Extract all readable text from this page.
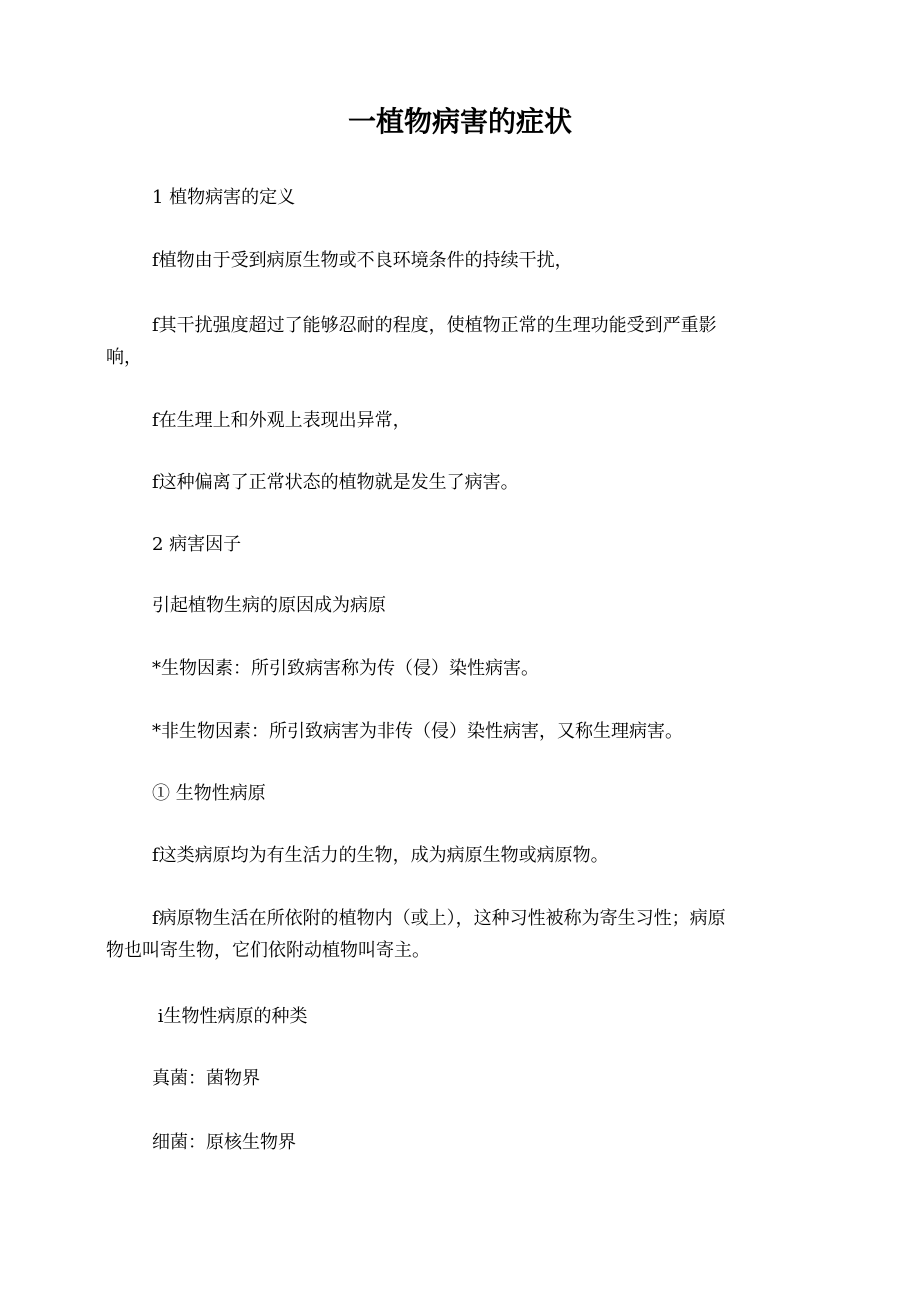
一植物病害的症状
1 植物病害的定义
f植物由于受到病原生物或不良环境条件的持续干扰，
f其干扰强度超过了能够忍耐的程度，使植物正常的生理功能受到严重影
响，
f在生理上和外观上表现出异常，
f这种偏离了正常状态的植物就是发生了病害。
2 病害因子
引起植物生病的原因成为病原
*生物因素：所引致病害称为传（侵）染性病害。
*非生物因素：所引致病害为非传（侵）染性病害，又称生理病害。
① 生物性病原
f这类病原均为有生活力的生物，成为病原生物或病原物。
f病原物生活在所依附的植物内（或上），这种习性被称为寄生习性；病原
物也叫寄生物，它们依附动植物叫寄主。
i生物性病原的种类
真菌：菌物界
细菌：原核生物界
